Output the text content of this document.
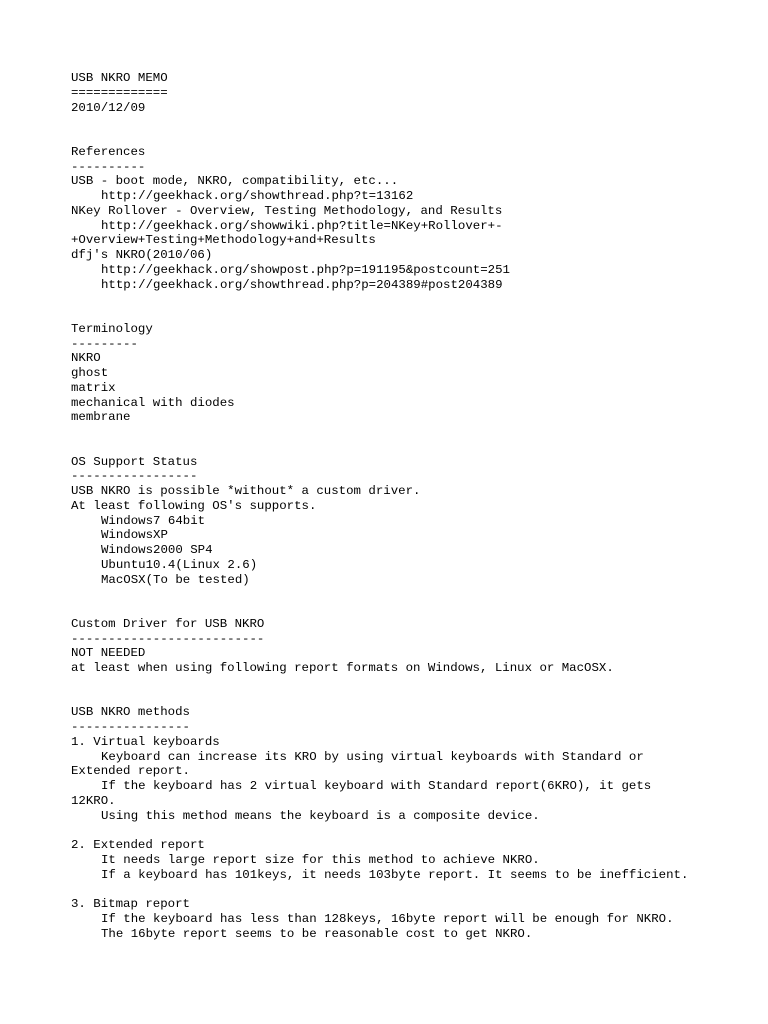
USB NKRO MEMO
=============
2010/12/09
References
----------
USB - boot mode, NKRO, compatibility, etc...
http://geekhack.org/showthread.php?t=13162
NKey Rollover - Overview, Testing Methodology, and Results
http://geekhack.org/showwiki.php?title=NKey+Rollover+-
+Overview+Testing+Methodology+and+Results
dfj's NKRO(2010/06)
http://geekhack.org/showpost.php?p=191195&postcount=251
http://geekhack.org/showthread.php?p=204389#post204389
Terminology
---------
NKRO
ghost
matrix
mechanical with diodes
membrane
OS Support Status
-----------------
USB NKRO is possible *without* a custom driver.
At least following OS's supports.
Windows7 64bit
WindowsXP
Windows2000 SP4
Ubuntu10.4(Linux 2.6)
MacOSX(To be tested)
Custom Driver for USB NKRO
--------------------------
NOT NEEDED
at least when using following report formats on Windows, Linux or MacOSX.
USB NKRO methods
----------------
1. Virtual keyboards
Keyboard can increase its KRO by using virtual keyboards with Standard or
Extended report.
If the keyboard has 2 virtual keyboard with Standard report(6KRO), it gets
12KRO.
Using this method means the keyboard is a composite device.
2. Extended report
It needs large report size for this method to achieve NKRO.
If a keyboard has 101keys, it needs 103byte report. It seems to be inefficient.
3. Bitmap report
If the keyboard has less than 128keys, 16byte report will be enough for NKRO.
The 16byte report seems to be reasonable cost to get NKRO.
